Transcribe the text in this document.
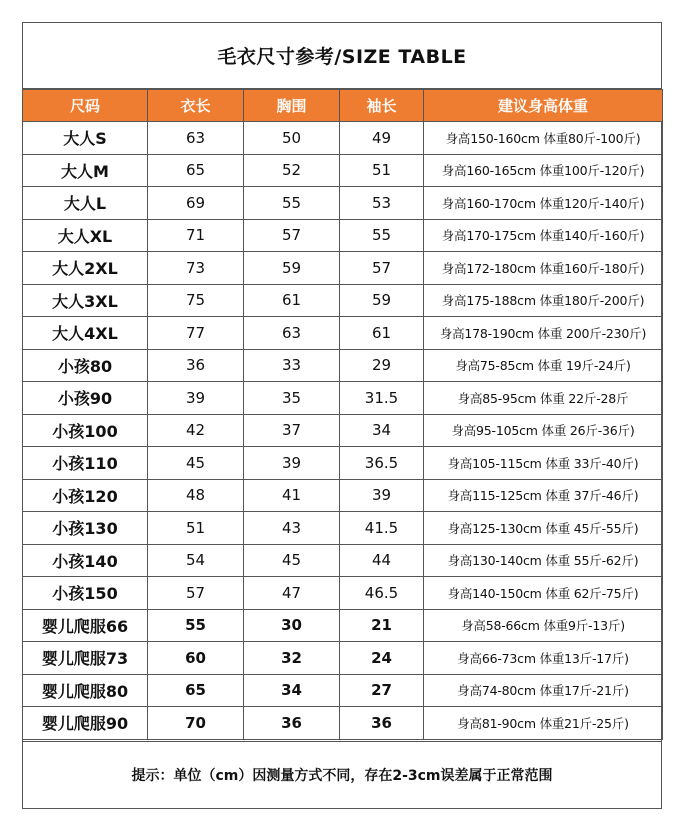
毛衣尺寸参考/SIZE TABLE
尺码	衣长	胸围	袖长	建议身高体重
大人S	63	50	49	身高150-160cm 体重80斤-100斤)
大人M	65	52	51	身高160-165cm 体重100斤-120斤)
大人L	69	55	53	身高160-170cm 体重120斤-140斤)
大人XL	71	57	55	身高170-175cm 体重140斤-160斤)
大人2XL	73	59	57	身高172-180cm 体重160斤-180斤)
大人3XL	75	61	59	身高175-188cm 体重180斤-200斤)
大人4XL	77	63	61	身高178-190cm 体重 200斤-230斤)
小孩80	36	33	29	身高75-85cm 体重 19斤-24斤)
小孩90	39	35	31.5	身高85-95cm 体重 22斤-28斤
小孩100	42	37	34	身高95-105cm 体重 26斤-36斤)
小孩110	45	39	36.5	身高105-115cm 体重 33斤-40斤)
小孩120	48	41	39	身高115-125cm 体重 37斤-46斤)
小孩130	51	43	41.5	身高125-130cm 体重 45斤-55斤)
小孩140	54	45	44	身高130-140cm 体重 55斤-62斤)
小孩150	57	47	46.5	身高140-150cm 体重 62斤-75斤)
婴儿爬服66	55	30	21	身高58-66cm 体重9斤-13斤)
婴儿爬服73	60	32	24	身高66-73cm 体重13斤-17斤)
婴儿爬服80	65	34	27	身高74-80cm 体重17斤-21斤)
婴儿爬服90	70	36	36	身高81-90cm 体重21斤-25斤)
提示：单位（cm）因测量方式不同，存在2-3cm误差属于正常范围
